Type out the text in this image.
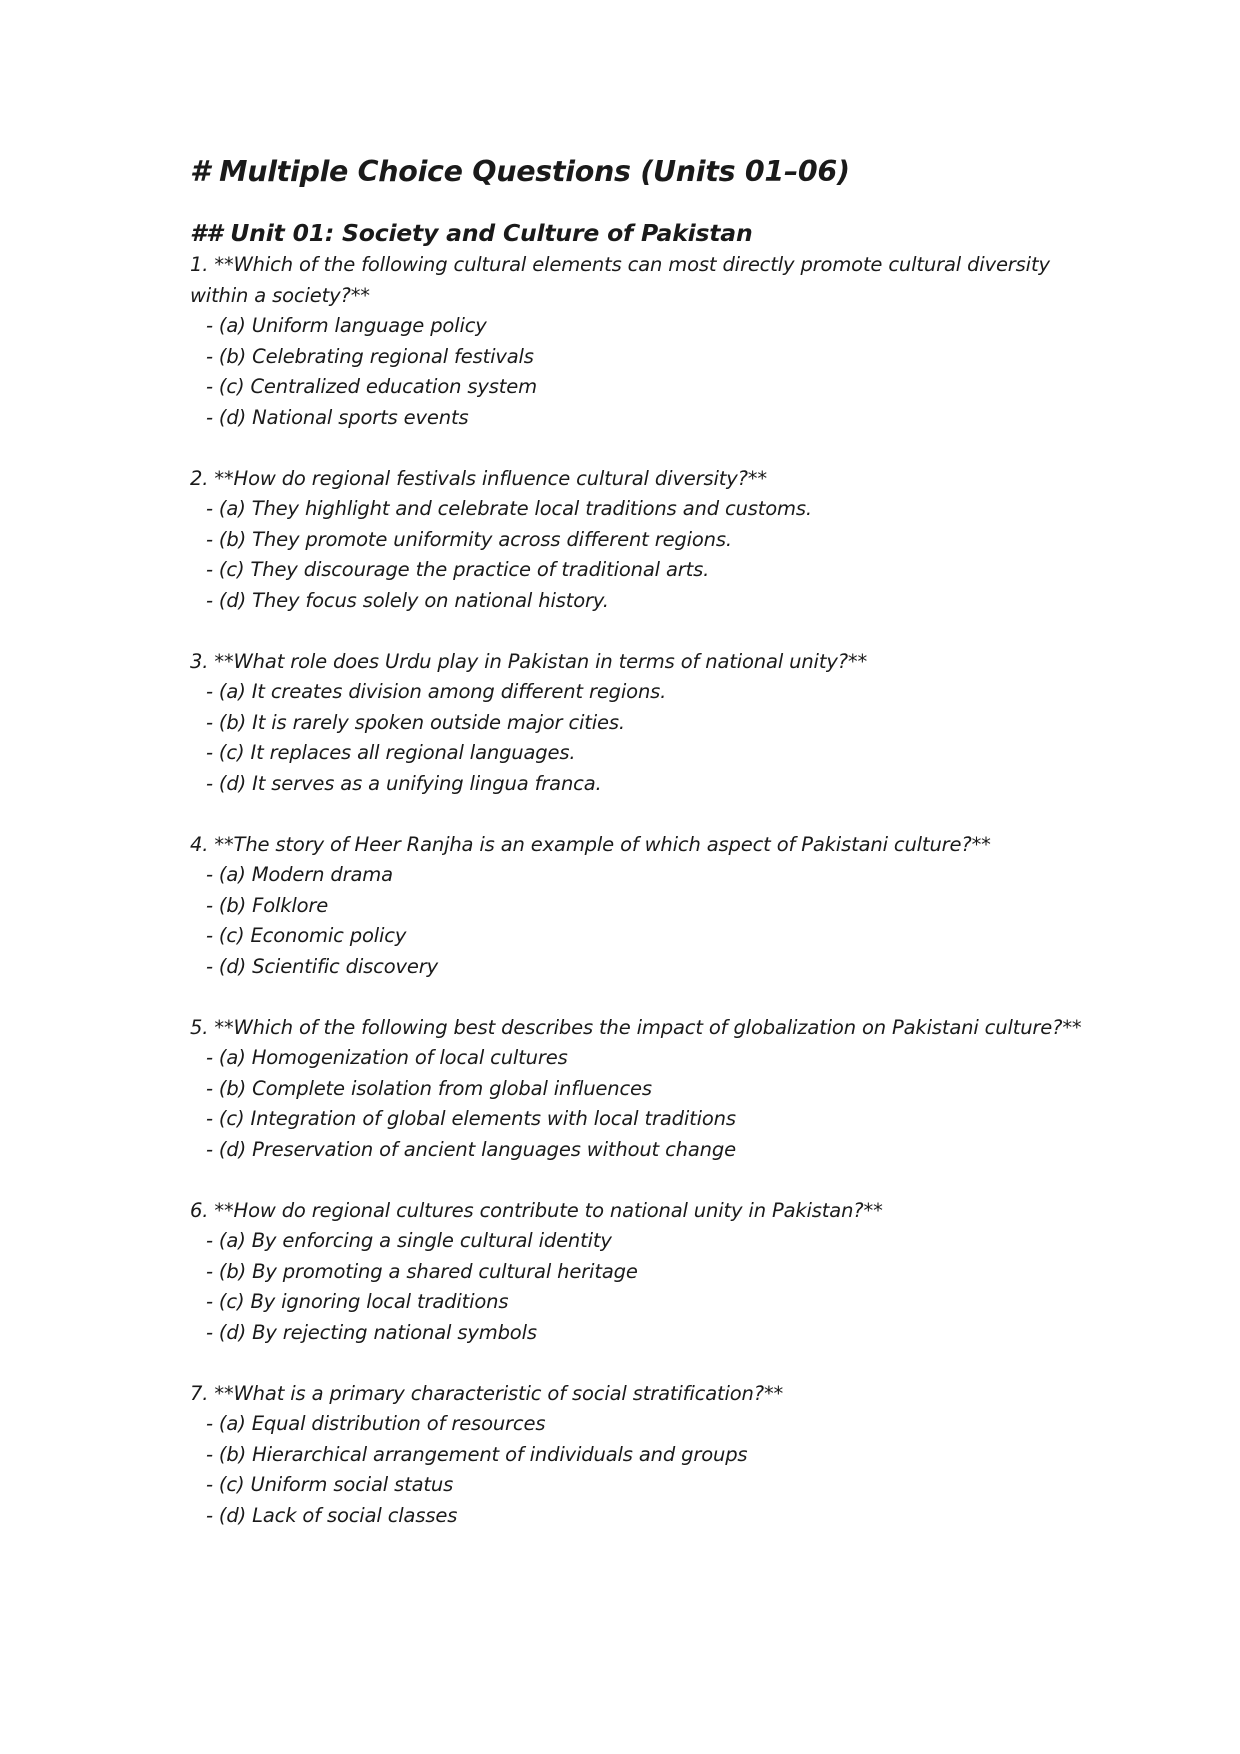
# Multiple Choice Questions (Units 01–06)
## Unit 01: Society and Culture of Pakistan
1. **Which of the following cultural elements can most directly promote cultural diversity within a society?**
- (a) Uniform language policy
- (b) Celebrating regional festivals
- (c) Centralized education system
- (d) National sports events
2. **How do regional festivals influence cultural diversity?**
- (a) They highlight and celebrate local traditions and customs.
- (b) They promote uniformity across different regions.
- (c) They discourage the practice of traditional arts.
- (d) They focus solely on national history.
3. **What role does Urdu play in Pakistan in terms of national unity?**
- (a) It creates division among different regions.
- (b) It is rarely spoken outside major cities.
- (c) It replaces all regional languages.
- (d) It serves as a unifying lingua franca.
4. **The story of Heer Ranjha is an example of which aspect of Pakistani culture?**
- (a) Modern drama
- (b) Folklore
- (c) Economic policy
- (d) Scientific discovery
5. **Which of the following best describes the impact of globalization on Pakistani culture?**
- (a) Homogenization of local cultures
- (b) Complete isolation from global influences
- (c) Integration of global elements with local traditions
- (d) Preservation of ancient languages without change
6. **How do regional cultures contribute to national unity in Pakistan?**
- (a) By enforcing a single cultural identity
- (b) By promoting a shared cultural heritage
- (c) By ignoring local traditions
- (d) By rejecting national symbols
7. **What is a primary characteristic of social stratification?**
- (a) Equal distribution of resources
- (b) Hierarchical arrangement of individuals and groups
- (c) Uniform social status
- (d) Lack of social classes
